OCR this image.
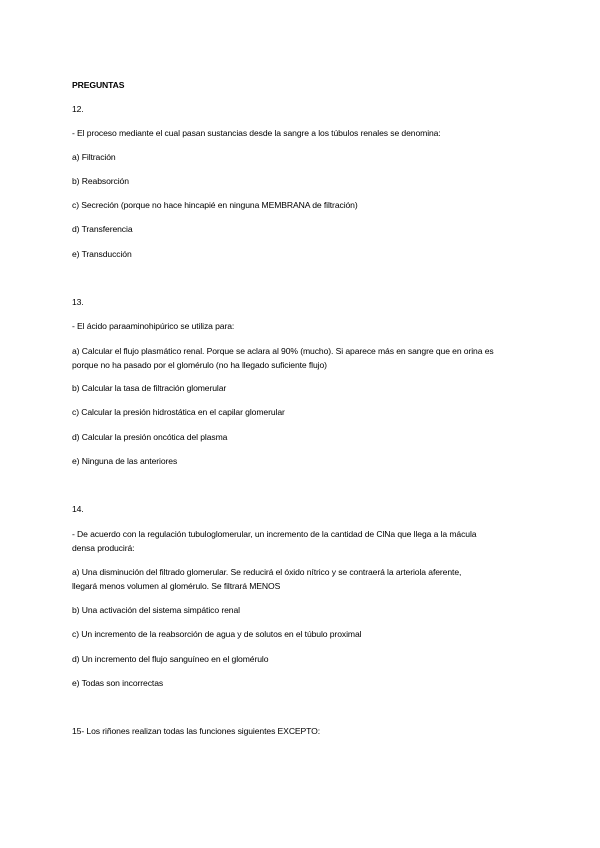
PREGUNTAS
12.
- El proceso mediante el cual pasan sustancias desde la sangre a los túbulos renales se denomina:
a) Filtración
b) Reabsorción
c) Secreción (porque no hace hincapié en ninguna MEMBRANA de filtración)
d) Transferencia
e) Transducción
13.
- El ácido paraaminohipúrico se utiliza para:
a) Calcular el flujo plasmático renal. Porque se aclara al 90% (mucho). Si aparece más en sangre que en orina es
porque no ha pasado por el glomérulo (no ha llegado suficiente flujo)
b) Calcular la tasa de filtración glomerular
c) Calcular la presión hidrostática en el capilar glomerular
d) Calcular la presión oncótica del plasma
e) Ninguna de las anteriores
14.
- De acuerdo con la regulación tubuloglomerular, un incremento de la cantidad de ClNa que llega a la mácula
densa producirá:
a) Una disminución del filtrado glomerular. Se reducirá el óxido nítrico y se contraerá la arteriola aferente,
llegará menos volumen al glomérulo. Se filtrará MENOS
b) Una activación del sistema simpático renal
c) Un incremento de la reabsorción de agua y de solutos en el túbulo proximal
d) Un incremento del flujo sanguíneo en el glomérulo
e) Todas son incorrectas
15- Los riñones realizan todas las funciones siguientes EXCEPTO:
